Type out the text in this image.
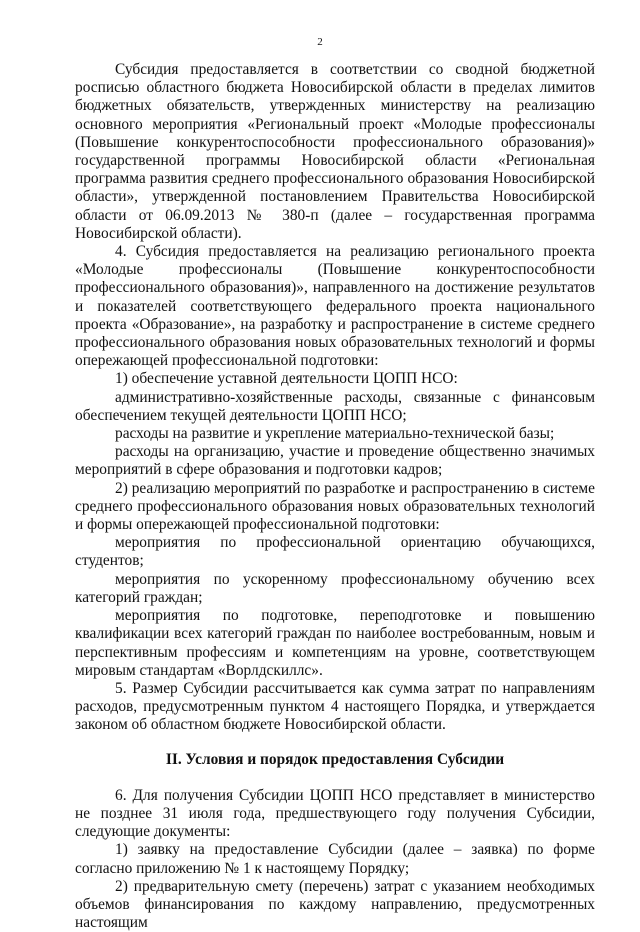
2

Субсидия предоставляется в соответствии со сводной бюджетной росписью областного бюджета Новосибирской области в пределах лимитов бюджетных обязательств, утвержденных министерству на реализацию основного мероприятия «Региональный проект «Молодые профессионалы (Повышение конкурентоспособности профессионального образования)» государственной программы Новосибирской области «Региональная программа развития среднего профессионального образования Новосибирской области», утвержденной постановлением Правительства Новосибирской области от 06.09.2013 № 380-п (далее – государственная программа Новосибирской области).

4. Субсидия предоставляется на реализацию регионального проекта «Молодые профессионалы (Повышение конкурентоспособности профессионального образования)», направленного на достижение результатов и показателей соответствующего федерального проекта национального проекта «Образование», на разработку и распространение в системе среднего профессионального образования новых образовательных технологий и формы опережающей профессиональной подготовки:

1) обеспечение уставной деятельности ЦОПП НСО:

административно-хозяйственные расходы, связанные с финансовым обеспечением текущей деятельности ЦОПП НСО;

расходы на развитие и укрепление материально-технической базы;

расходы на организацию, участие и проведение общественно значимых мероприятий в сфере образования и подготовки кадров;

2) реализацию мероприятий по разработке и распространению в системе среднего профессионального образования новых образовательных технологий и формы опережающей профессиональной подготовки:

мероприятия по профессиональной ориентацию обучающихся, студентов;

мероприятия по ускоренному профессиональному обучению всех категорий граждан;

мероприятия по подготовке, переподготовке и повышению квалификации всех категорий граждан по наиболее востребованным, новым и перспективным профессиям и компетенциям на уровне, соответствующем мировым стандартам «Ворлдскиллс».

5. Размер Субсидии рассчитывается как сумма затрат по направлениям расходов, предусмотренным пунктом 4 настоящего Порядка, и утверждается законом об областном бюджете Новосибирской области.

II. Условия и порядок предоставления Субсидии

6. Для получения Субсидии ЦОПП НСО представляет в министерство не позднее 31 июля года, предшествующего году получения Субсидии, следующие документы:

1) заявку на предоставление Субсидии (далее – заявка) по форме согласно приложению № 1 к настоящему Порядку;

2) предварительную смету (перечень) затрат с указанием необходимых объемов финансирования по каждому направлению, предусмотренных настоящим
